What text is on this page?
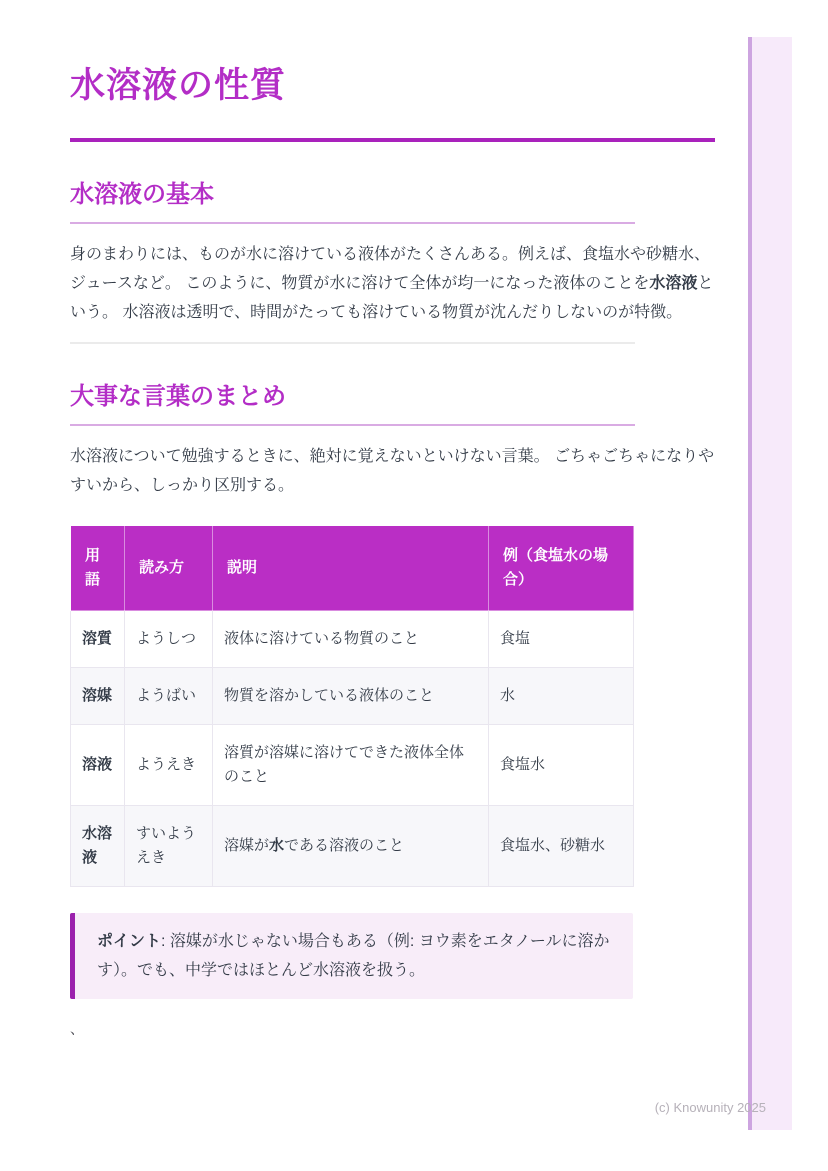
水溶液の性質
水溶液の基本

身のまわりには、ものが水に溶けている液体がたくさんある。例えば、食塩水や砂糖水、ジュースなど。 このように、物質が水に溶けて全体が均一になった液体のことを水溶液という。 水溶液は透明で、時間がたっても溶けている物質が沈んだりしないのが特徴。

大事な言葉のまとめ

水溶液について勉強するときに、絶対に覚えないといけない言葉。 ごちゃごちゃになりやすいから、しっかり区別する。

用語	読み方	説明	例（食塩水の場合）
溶質	ようしつ	液体に溶けている物質のこと	食塩
溶媒	ようばい	物質を溶かしている液体のこと	水
溶液	ようえき	溶質が溶媒に溶けてできた液体全体のこと	食塩水
水溶液	すいようえき	溶媒が水である溶液のこと	食塩水、砂糖水

ポイント: 溶媒が水じゃない場合もある（例: ヨウ素をエタノールに溶かす）。でも、中学ではほとんど水溶液を扱う。

、
(c) Knowunity 2025
